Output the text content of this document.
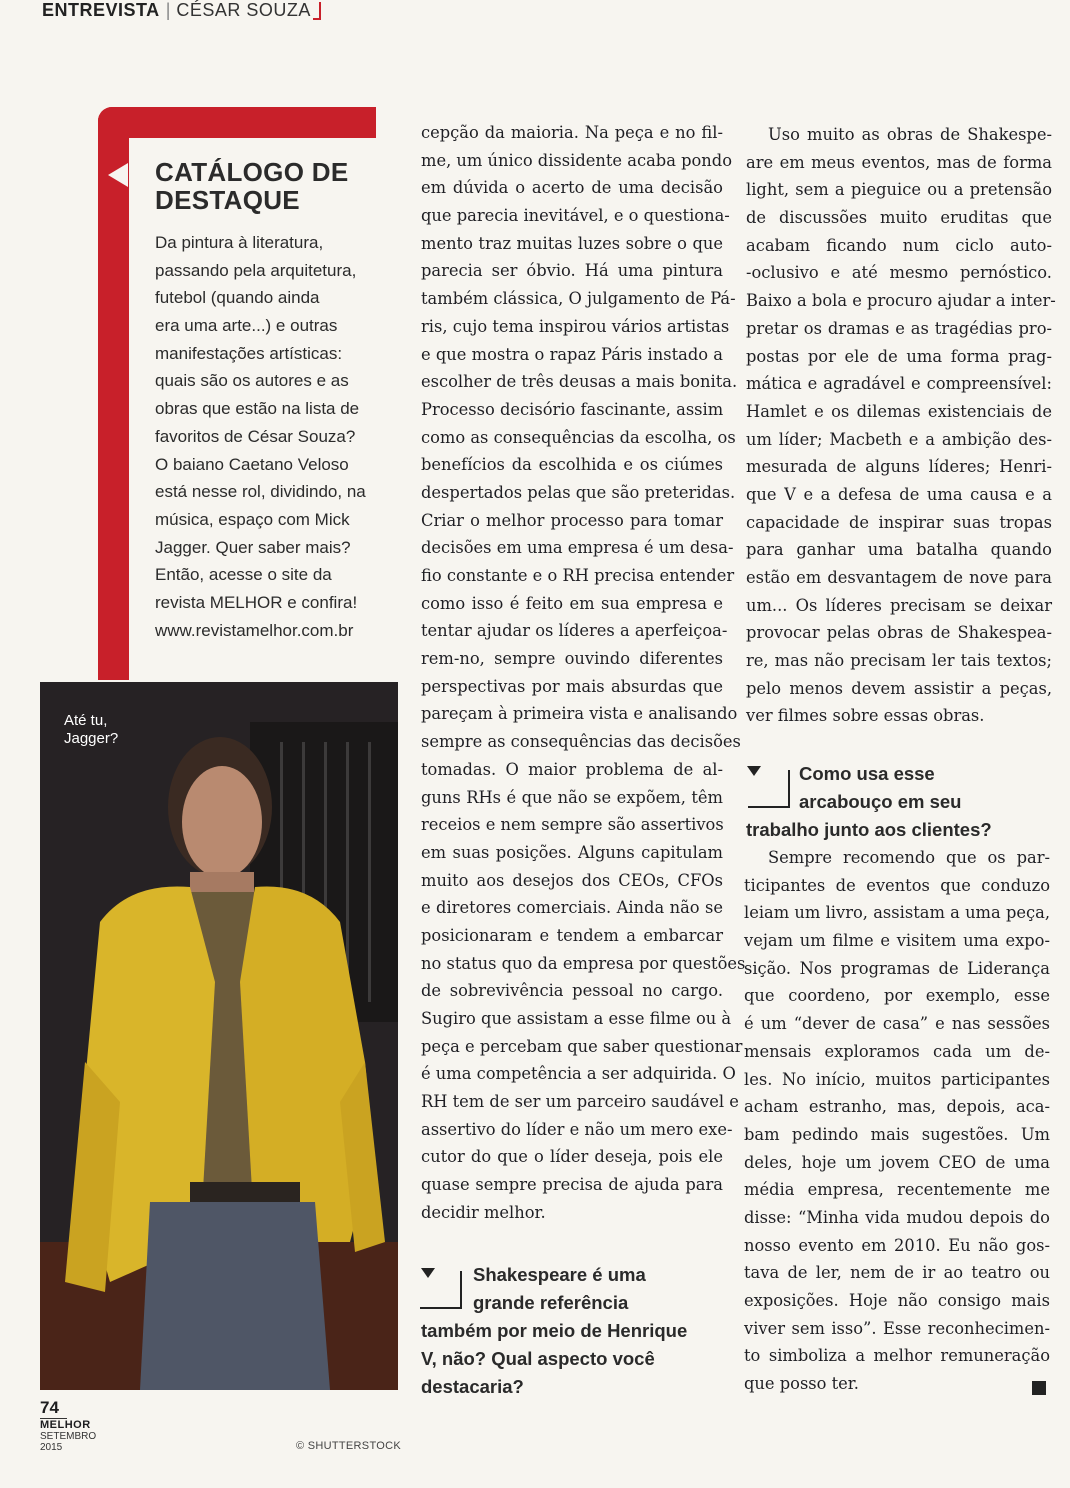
ENTREVISTA | CÉSAR SOUZA
CATÁLOGO DE
DESTAQUE
Da pintura à literatura,
passando pela arquitetura,
futebol (quando ainda
era uma arte...) e outras
manifestações artísticas:
quais são os autores e as
obras que estão na lista de
favoritos de César Souza?
O baiano Caetano Veloso
está nesse rol, dividindo, na
música, espaço com Mick
Jagger. Quer saber mais?
Então, acesse o site da
revista MELHOR e confira!
www.revistamelhor.com.br
Até tu,
Jagger?
cepção da maioria. Na peça e no fil-
me, um único dissidente acaba pondo
em dúvida o acerto de uma decisão
que parecia inevitável, e o questiona-
mento traz muitas luzes sobre o que
parecia ser óbvio. Há uma pintura
também clássica, O julgamento de Pá-
ris, cujo tema inspirou vários artistas
e que mostra o rapaz Páris instado a
escolher de três deusas a mais bonita.
Processo decisório fascinante, assim
como as consequências da escolha, os
benefícios da escolhida e os ciúmes
despertados pelas que são preteridas.
Criar o melhor processo para tomar
decisões em uma empresa é um desa-
fio constante e o RH precisa entender
como isso é feito em sua empresa e
tentar ajudar os líderes a aperfeiçoa-
rem-no, sempre ouvindo diferentes
perspectivas por mais absurdas que
pareçam à primeira vista e analisando
sempre as consequências das decisões
tomadas. O maior problema de al-
guns RHs é que não se expõem, têm
receios e nem sempre são assertivos
em suas posições. Alguns capitulam
muito aos desejos dos CEOs, CFOs
e diretores comerciais. Ainda não se
posicionaram e tendem a embarcar
no status quo da empresa por questões
de sobrevivência pessoal no cargo.
Sugiro que assistam a esse filme ou à
peça e percebam que saber questionar
é uma competência a ser adquirida. O
RH tem de ser um parceiro saudável e
assertivo do líder e não um mero exe-
cutor do que o líder deseja, pois ele
quase sempre precisa de ajuda para
decidir melhor.
Shakespeare é uma
grande referência
também por meio de Henrique
V, não? Qual aspecto você
destacaria?
Uso muito as obras de Shakespe-
are em meus eventos, mas de forma
light, sem a pieguice ou a pretensão
de discussões muito eruditas que
acabam ficando num ciclo auto-
-oclusivo e até mesmo pernóstico.
Baixo a bola e procuro ajudar a inter-
pretar os dramas e as tragédias pro-
postas por ele de uma forma prag-
mática e agradável e compreensível:
Hamlet e os dilemas existenciais de
um líder; Macbeth e a ambição des-
mesurada de alguns líderes; Henri-
que V e a defesa de uma causa e a
capacidade de inspirar suas tropas
para ganhar uma batalha quando
estão em desvantagem de nove para
um... Os líderes precisam se deixar
provocar pelas obras de Shakespea-
re, mas não precisam ler tais textos;
pelo menos devem assistir a peças,
ver filmes sobre essas obras.
Como usa esse
arcabouço em seu
trabalho junto aos clientes?
Sempre recomendo que os par-
ticipantes de eventos que conduzo
leiam um livro, assistam a uma peça,
vejam um filme e visitem uma expo-
sição. Nos programas de Liderança
que coordeno, por exemplo, esse
é um “dever de casa” e nas sessões
mensais exploramos cada um de-
les. No início, muitos participantes
acham estranho, mas, depois, aca-
bam pedindo mais sugestões. Um
deles, hoje um jovem CEO de uma
média empresa, recentemente me
disse: “Minha vida mudou depois do
nosso evento em 2010. Eu não gos-
tava de ler, nem de ir ao teatro ou
exposições. Hoje não consigo mais
viver sem isso”. Esse reconhecimen-
to simboliza a melhor remuneração
que posso ter.
74
MELHOR
SETEMBRO
2015	© SHUTTERSTOCK
